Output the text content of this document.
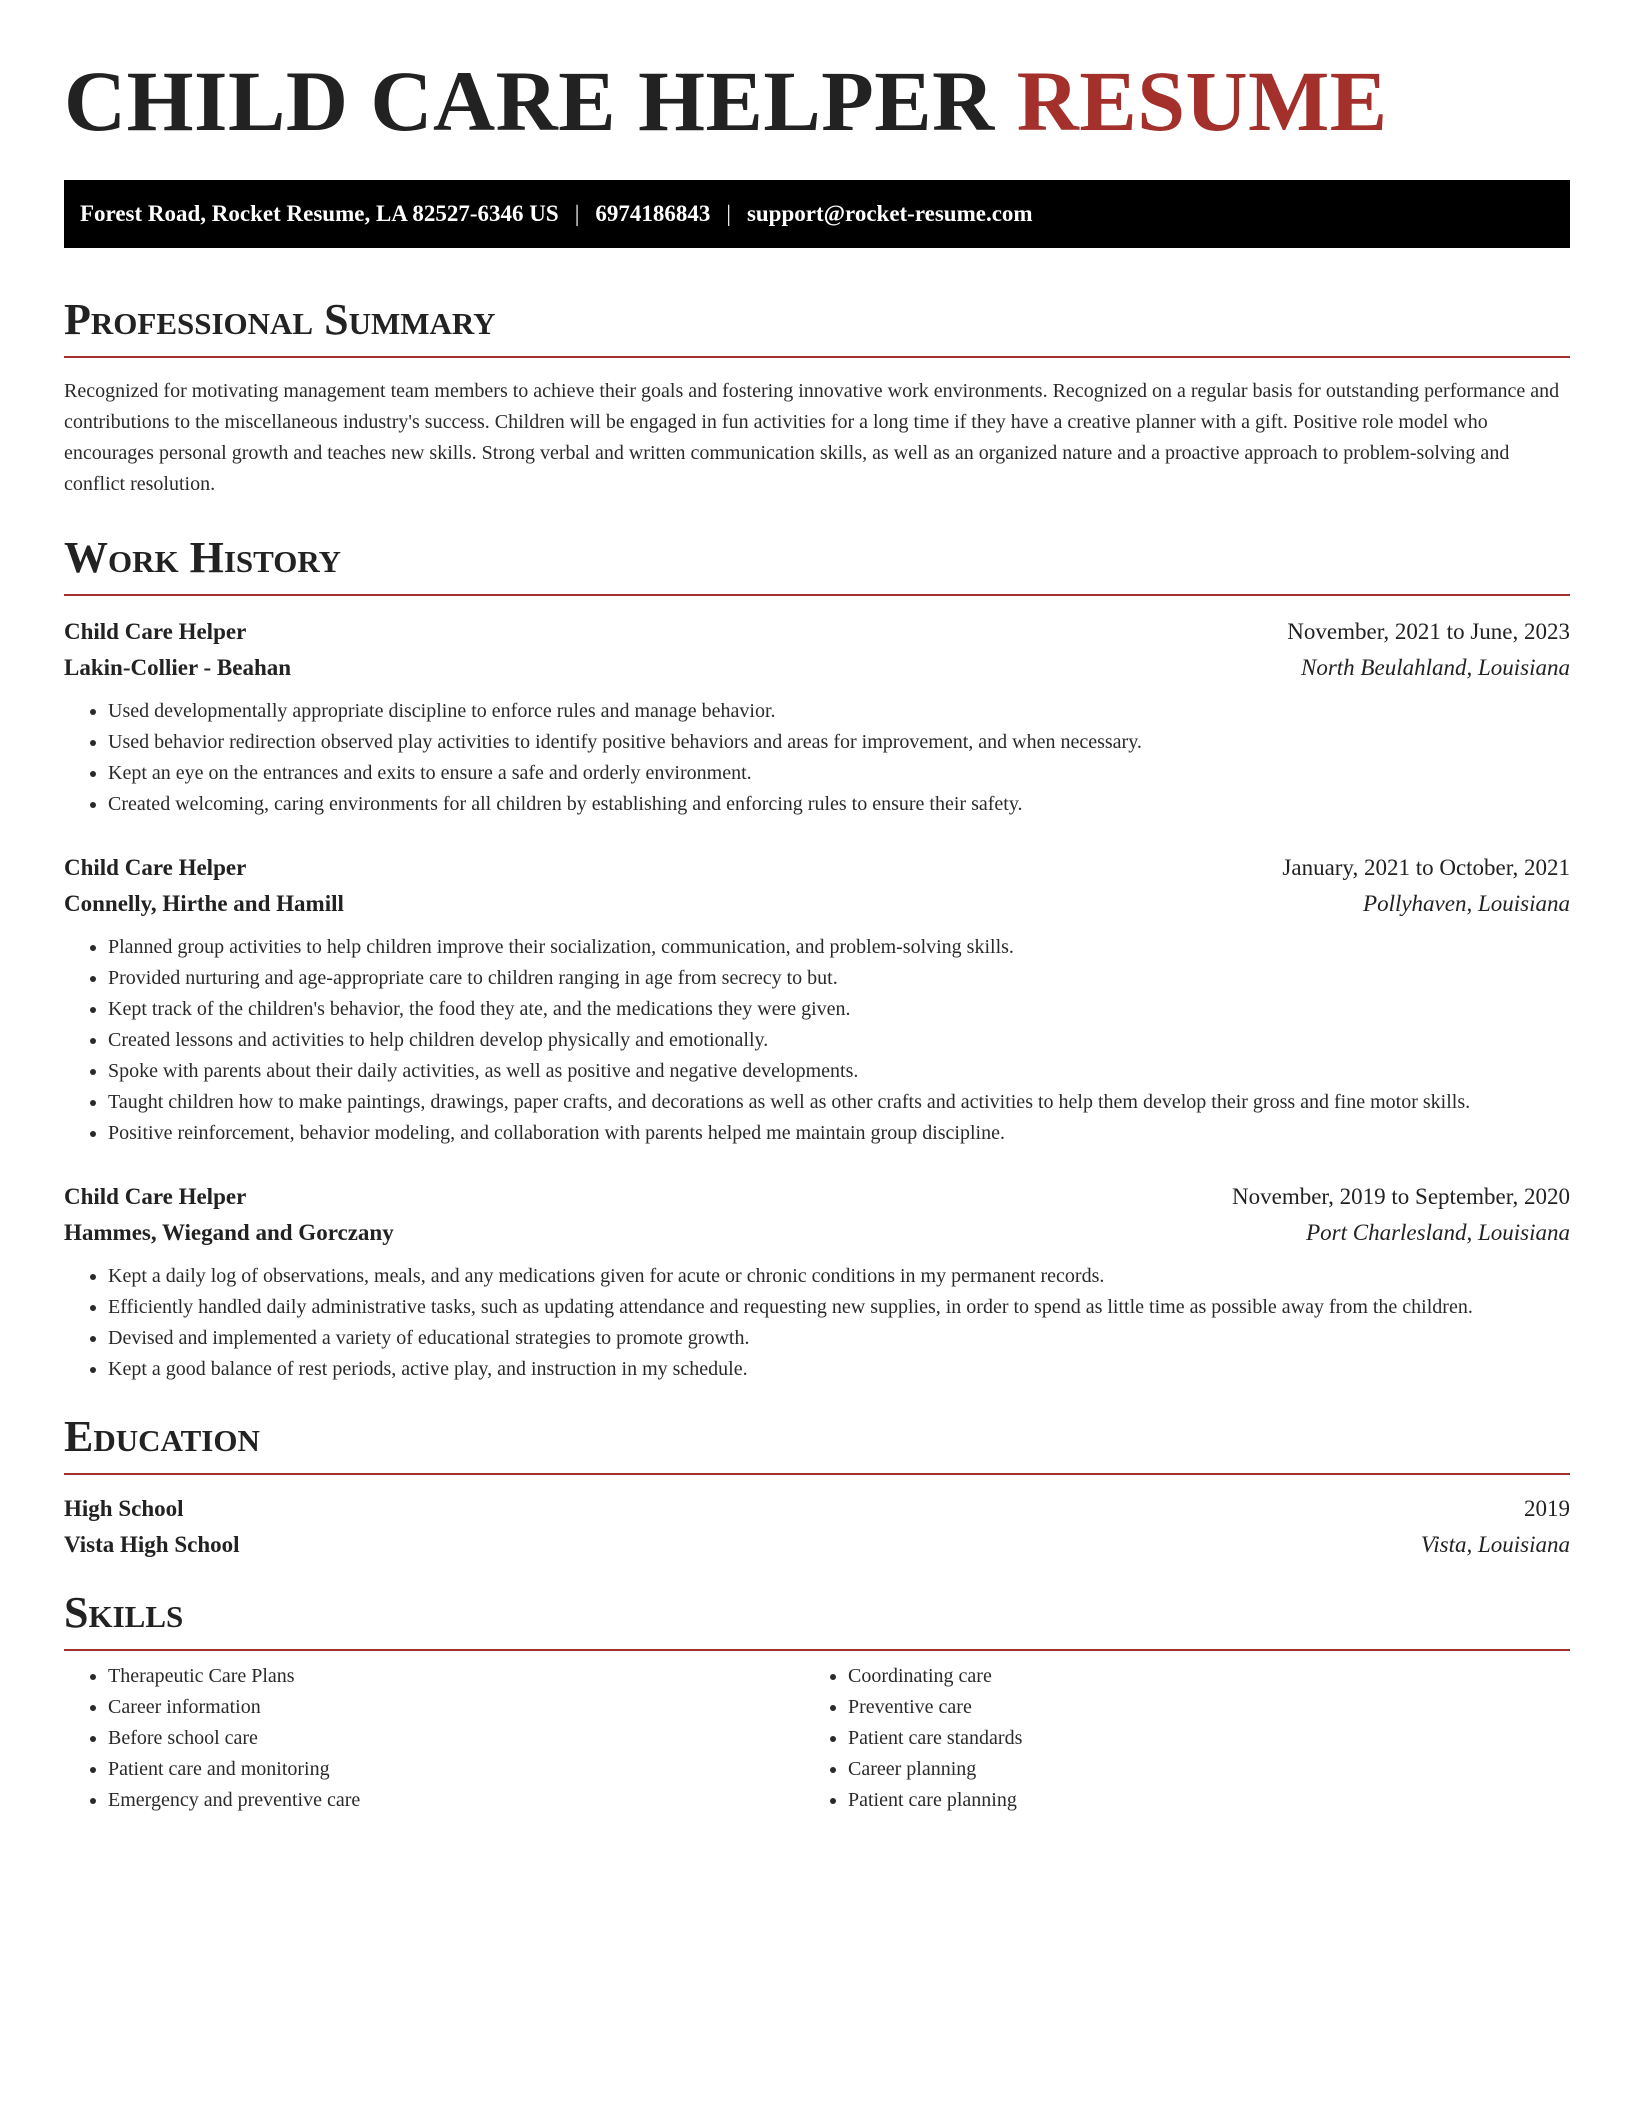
CHILD CARE HELPER RESUME
Forest Road, Rocket Resume, LA 82527-6346 US | 6974186843 | support@rocket-resume.com
Professional Summary

Recognized for motivating management team members to achieve their goals and fostering innovative work environments. Recognized on a regular basis for outstanding performance and contributions to the miscellaneous industry's success. Children will be engaged in fun activities for a long time if they have a creative planner with a gift. Positive role model who encourages personal growth and teaches new skills. Strong verbal and written communication skills, as well as an organized nature and a proactive approach to problem-solving and conflict resolution.

Work History
Child Care Helper	November, 2021 to June, 2023
Lakin-Collier - Beahan	North Beulahland, Louisiana
• Used developmentally appropriate discipline to enforce rules and manage behavior.
• Used behavior redirection observed play activities to identify positive behaviors and areas for improvement, and when necessary.
• Kept an eye on the entrances and exits to ensure a safe and orderly environment.
• Created welcoming, caring environments for all children by establishing and enforcing rules to ensure their safety.
Child Care Helper	January, 2021 to October, 2021
Connelly, Hirthe and Hamill	Pollyhaven, Louisiana
• Planned group activities to help children improve their socialization, communication, and problem-solving skills.
• Provided nurturing and age-appropriate care to children ranging in age from secrecy to but.
• Kept track of the children's behavior, the food they ate, and the medications they were given.
• Created lessons and activities to help children develop physically and emotionally.
• Spoke with parents about their daily activities, as well as positive and negative developments.
• Taught children how to make paintings, drawings, paper crafts, and decorations as well as other crafts and activities to help them develop their gross and fine motor skills.
• Positive reinforcement, behavior modeling, and collaboration with parents helped me maintain group discipline.
Child Care Helper	November, 2019 to September, 2020
Hammes, Wiegand and Gorczany	Port Charlesland, Louisiana
• Kept a daily log of observations, meals, and any medications given for acute or chronic conditions in my permanent records.
• Efficiently handled daily administrative tasks, such as updating attendance and requesting new supplies, in order to spend as little time as possible away from the children.
• Devised and implemented a variety of educational strategies to promote growth.
• Kept a good balance of rest periods, active play, and instruction in my schedule.
Education
High School	2019
Vista High School	Vista, Louisiana
Skills
• Therapeutic Care Plans
• Career information
• Before school care
• Patient care and monitoring
• Emergency and preventive care
• Coordinating care
• Preventive care
• Patient care standards
• Career planning
• Patient care planning
